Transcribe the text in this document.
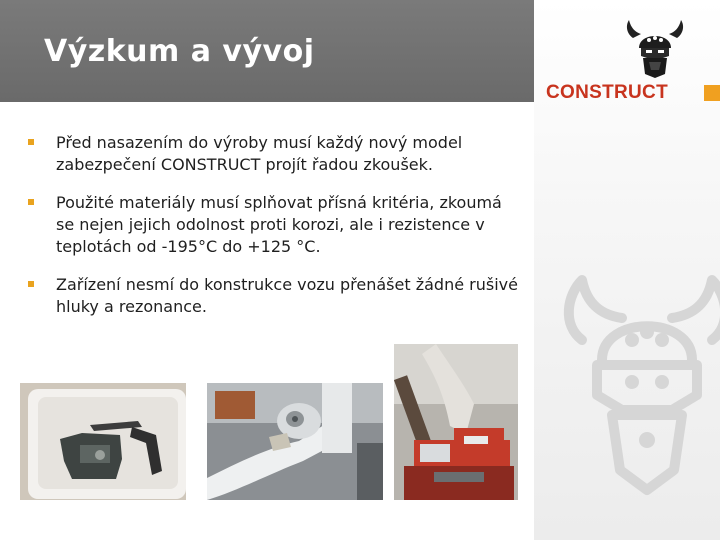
Výzkum a vývoj
CONSTRUCT
Před nasazením do výroby musí každý nový model zabezpečení CONSTRUCT projít řadou zkoušek.
Použité materiály musí splňovat přísná kritéria, zkoumá se nejen jejich odolnost proti korozi, ale i rezistence v teplotách od -195°C do +125 °C.
Zařízení nesmí do konstrukce vozu přenášet žádné rušivé hluky a rezonance.
